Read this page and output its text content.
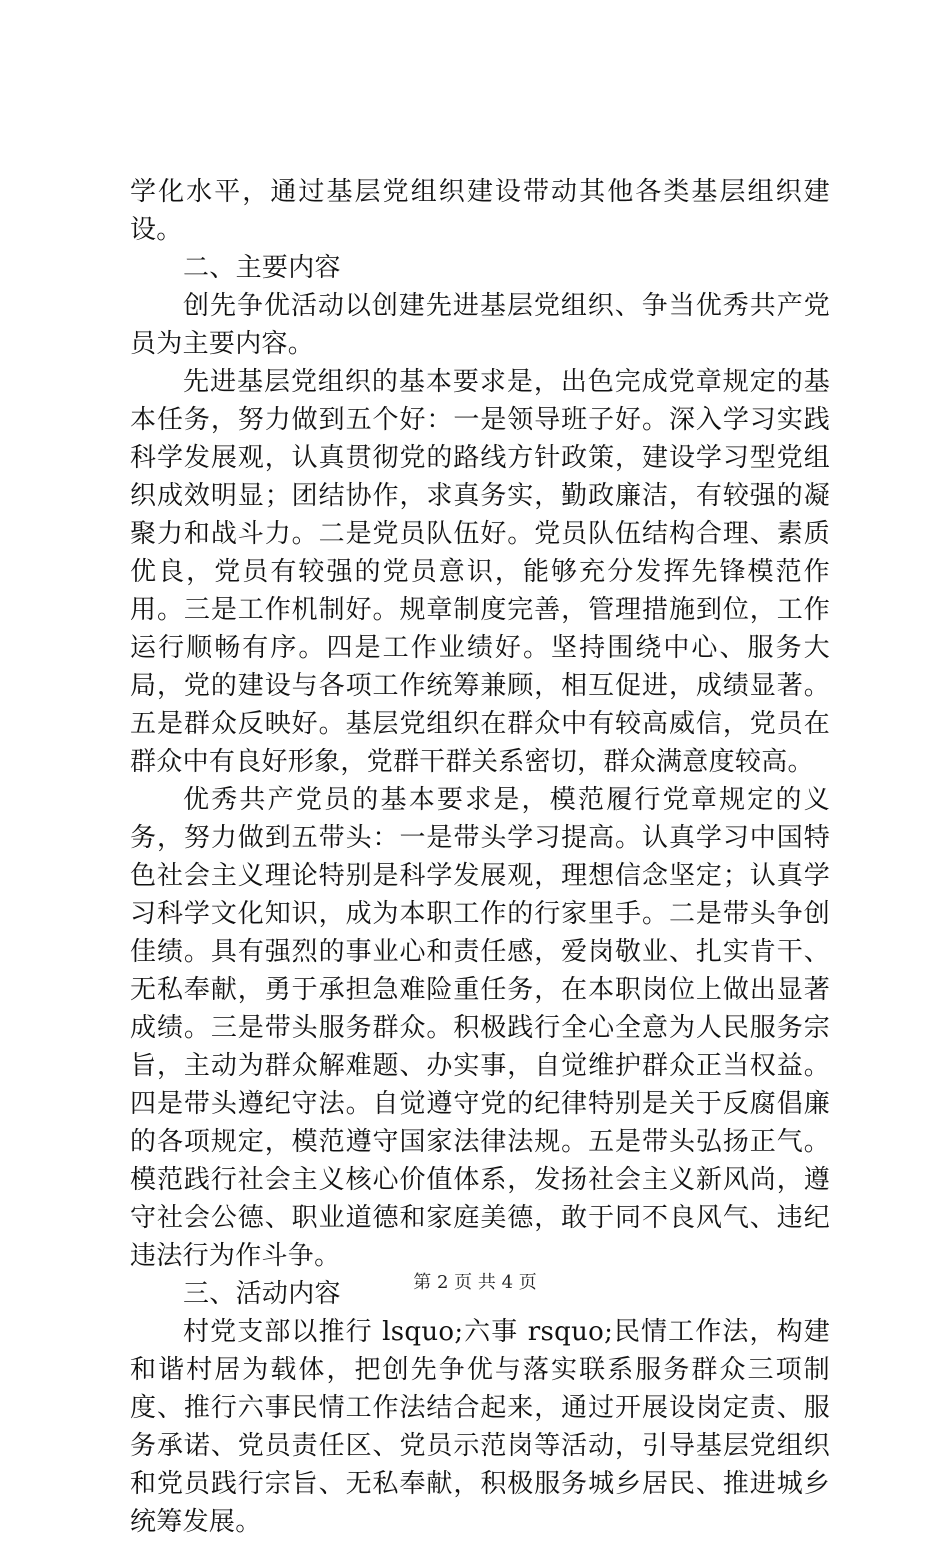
学化水平，通过基层党组织建设带动其他各类基层组织建设。

二、主要内容

创先争优活动以创建先进基层党组织、争当优秀共产党员为主要内容。

先进基层党组织的基本要求是，出色完成党章规定的基本任务，努力做到五个好：一是领导班子好。深入学习实践科学发展观，认真贯彻党的路线方针政策，建设学习型党组织成效明显；团结协作，求真务实，勤政廉洁，有较强的凝聚力和战斗力。二是党员队伍好。党员队伍结构合理、素质优良，党员有较强的党员意识，能够充分发挥先锋模范作用。三是工作机制好。规章制度完善，管理措施到位，工作运行顺畅有序。四是工作业绩好。坚持围绕中心、服务大局，党的建设与各项工作统筹兼顾，相互促进，成绩显著。五是群众反映好。基层党组织在群众中有较高威信，党员在群众中有良好形象，党群干群关系密切，群众满意度较高。

优秀共产党员的基本要求是，模范履行党章规定的义务，努力做到五带头：一是带头学习提高。认真学习中国特色社会主义理论特别是科学发展观，理想信念坚定；认真学习科学文化知识，成为本职工作的行家里手。二是带头争创佳绩。具有强烈的事业心和责任感，爱岗敬业、扎实肯干、无私奉献，勇于承担急难险重任务，在本职岗位上做出显著成绩。三是带头服务群众。积极践行全心全意为人民服务宗旨，主动为群众解难题、办实事，自觉维护群众正当权益。四是带头遵纪守法。自觉遵守党的纪律特别是关于反腐倡廉的各项规定，模范遵守国家法律法规。五是带头弘扬正气。模范践行社会主义核心价值体系，发扬社会主义新风尚，遵守社会公德、职业道德和家庭美德，敢于同不良风气、违纪违法行为作斗争。

三、活动内容

村党支部以推行 lsquo;六事 rsquo;民情工作法，构建和谐村居为载体，把创先争优与落实联系服务群众三项制度、推行六事民情工作法结合起来，通过开展设岗定责、服务承诺、党员责任区、党员示范岗等活动，引导基层党组织和党员践行宗旨、无私奉献，积极服务城乡居民、推进城乡统筹发展。

第 2 页 共 4 页
